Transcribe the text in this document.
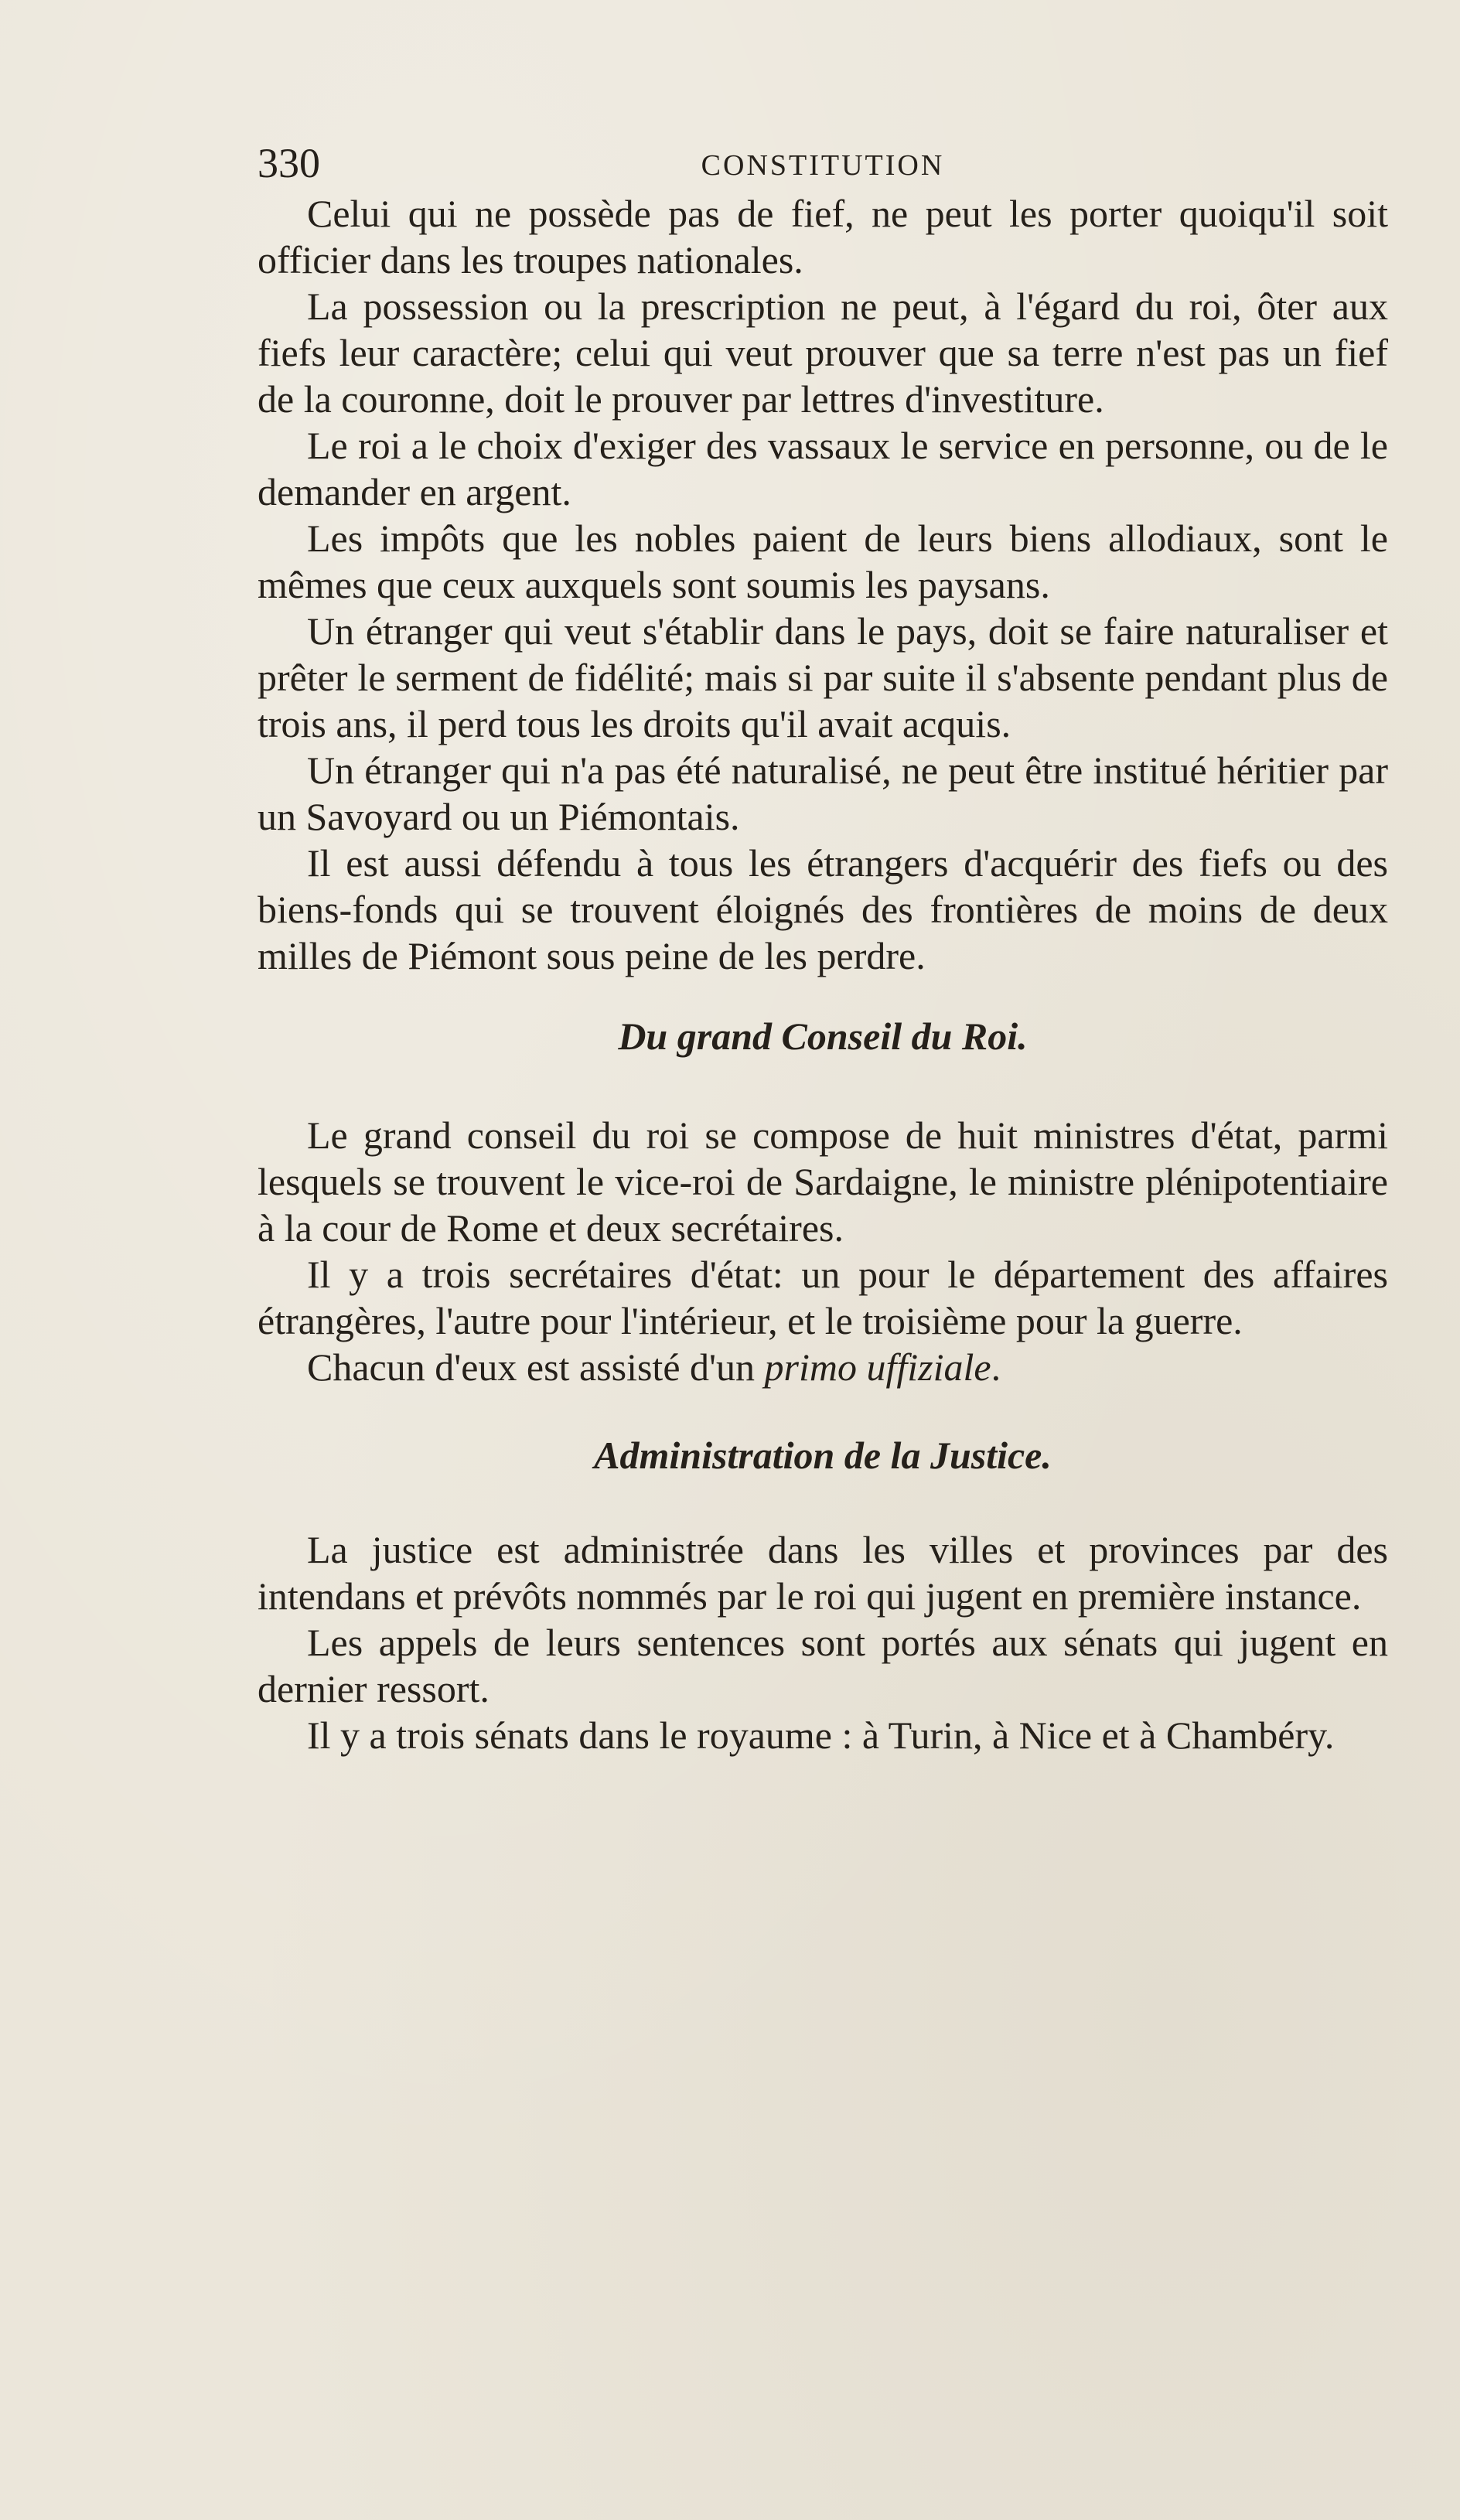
330	CONSTITUTION

Celui qui ne possède pas de fief, ne peut les porter quoiqu'il soit officier dans les troupes nationales.

La possession ou la prescription ne peut, à l'égard du roi, ôter aux fiefs leur caractère; celui qui veut prouver que sa terre n'est pas un fief de la couronne, doit le prouver par lettres d'investiture.

Le roi a le choix d'exiger des vassaux le service en personne, ou de le demander en argent.

Les impôts que les nobles paient de leurs biens allodiaux, sont le mêmes que ceux auxquels sont soumis les paysans.

Un étranger qui veut s'établir dans le pays, doit se faire naturaliser et prêter le serment de fidélité; mais si par suite il s'absente pendant plus de trois ans, il perd tous les droits qu'il avait acquis.

Un étranger qui n'a pas été naturalisé, ne peut être institué héritier par un Savoyard ou un Piémontais.

Il est aussi défendu à tous les étrangers d'acquérir des fiefs ou des biens-fonds qui se trouvent éloignés des frontières de moins de deux milles de Piémont sous peine de les perdre.

Du grand Conseil du Roi.

Le grand conseil du roi se compose de huit ministres d'état, parmi lesquels se trouvent le vice-roi de Sardaigne, le ministre plénipotentiaire à la cour de Rome et deux secrétaires.

Il y a trois secrétaires d'état: un pour le département des affaires étrangères, l'autre pour l'intérieur, et le troisième pour la guerre.

Chacun d'eux est assisté d'un primo uffiziale.

Administration de la Justice.

La justice est administrée dans les villes et provinces par des intendans et prévôts nommés par le roi qui jugent en première instance.

Les appels de leurs sentences sont portés aux sénats qui jugent en dernier ressort.

Il y a trois sénats dans le royaume : à Turin, à Nice et à Chambéry.
